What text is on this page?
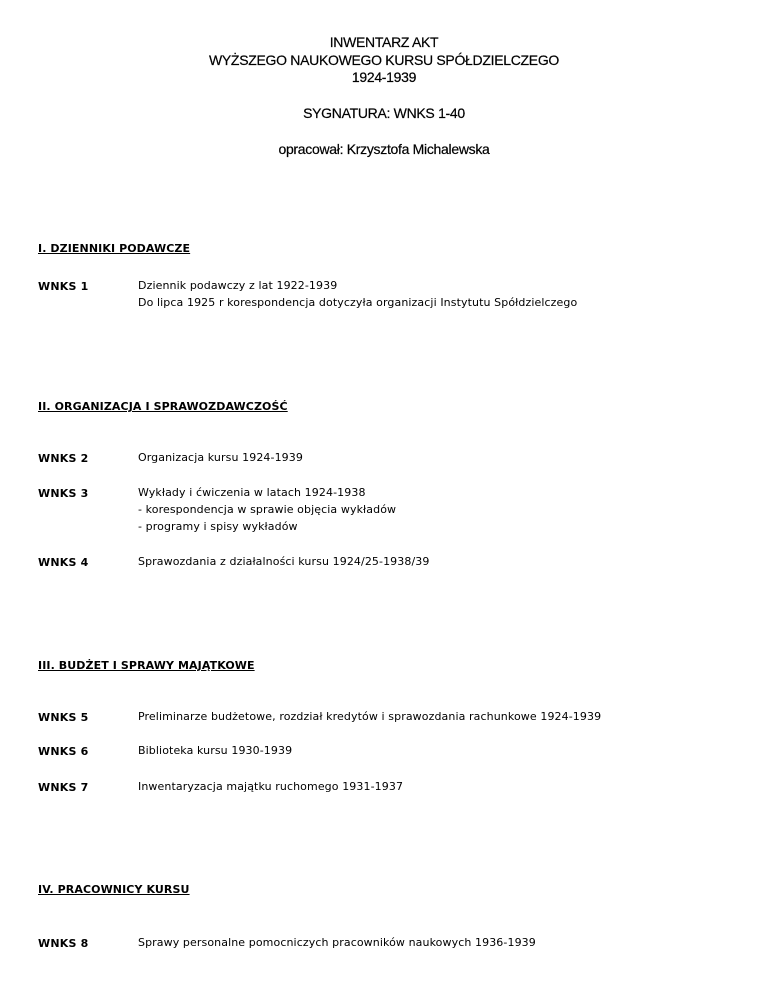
INWENTARZ AKT
WYŻSZEGO NAUKOWEGO KURSU SPÓŁDZIELCZEGO
1924-1939
SYGNATURA: WNKS 1-40
opracował: Krzysztofa Michalewska
I. DZIENNIKI PODAWCZE
WNKS 1	Dziennik podawczy z lat 1922-1939
Do lipca 1925 r korespondencja dotyczyła organizacji Instytutu Spółdzielczego
II. ORGANIZACJA I SPRAWOZDAWCZOŚĆ
WNKS 2	Organizacja kursu 1924-1939
WNKS 3	Wykłady i ćwiczenia w latach 1924-1938
- korespondencja w sprawie objęcia wykładów
- programy i spisy wykładów
WNKS 4	Sprawozdania z działalności kursu 1924/25-1938/39
III. BUDŻET I SPRAWY MAJĄTKOWE
WNKS 5	Preliminarze budżetowe, rozdział kredytów i sprawozdania rachunkowe 1924-1939
WNKS 6	Biblioteka kursu 1930-1939
WNKS 7	Inwentaryzacja majątku ruchomego 1931-1937
IV. PRACOWNICY KURSU
WNKS 8	Sprawy personalne pomocniczych pracowników naukowych 1936-1939
